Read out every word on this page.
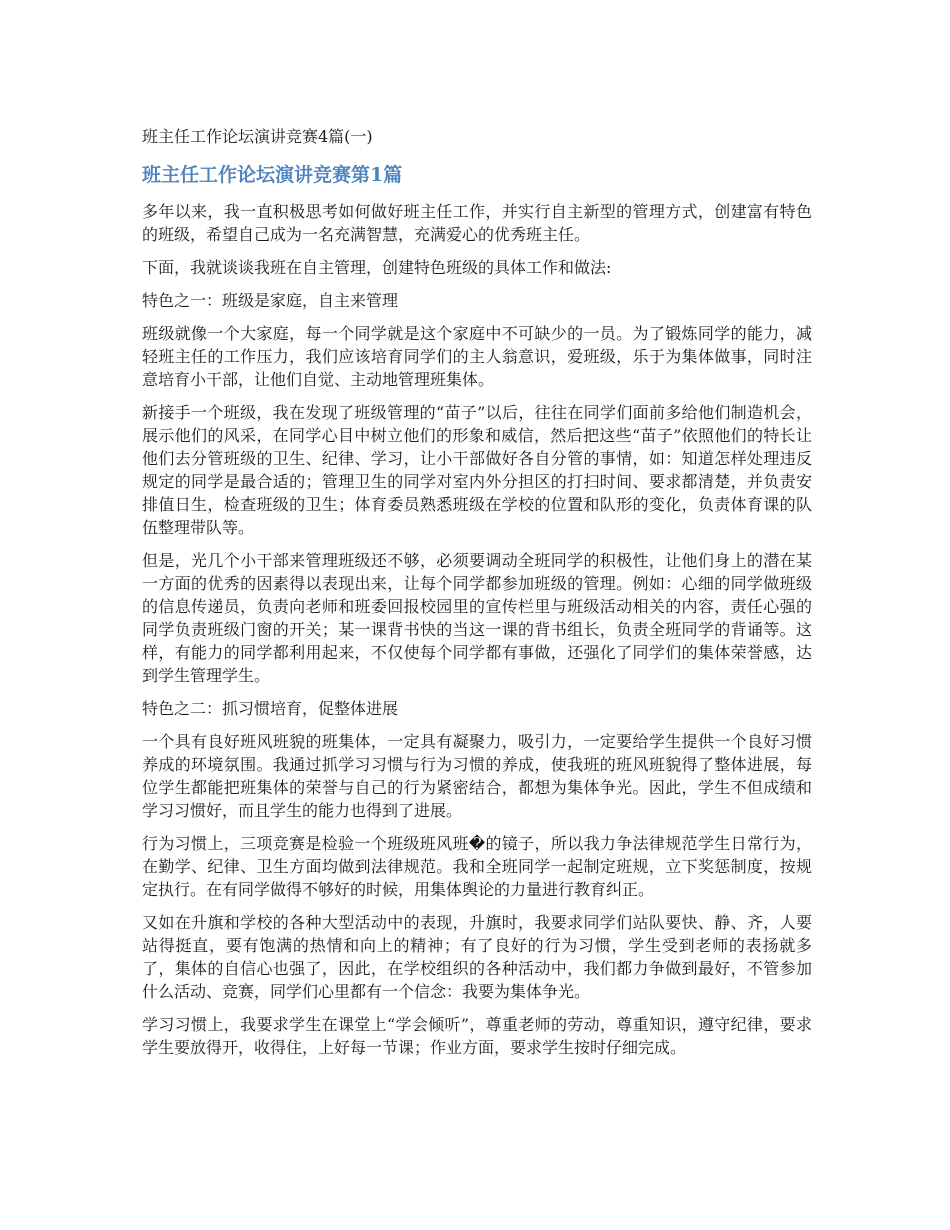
班主任工作论坛演讲竞赛4篇(一)
班主任工作论坛演讲竞赛第1篇

多年以来，我一直积极思考如何做好班主任工作，并实行自主新型的管理方式，创建富有特色的班级，希望自己成为一名充满智慧，充满爱心的优秀班主任。

下面，我就谈谈我班在自主管理，创建特色班级的具体工作和做法:

特色之一：班级是家庭，自主来管理

班级就像一个大家庭，每一个同学就是这个家庭中不可缺少的一员。为了锻炼同学的能力，减轻班主任的工作压力，我们应该培育同学们的主人翁意识，爱班级，乐于为集体做事，同时注意培育小干部，让他们自觉、主动地管理班集体。

新接手一个班级，我在发现了班级管理的“苗子”以后，往往在同学们面前多给他们制造机会，展示他们的风采，在同学心目中树立他们的形象和威信，然后把这些“苗子”依照他们的特长让他们去分管班级的卫生、纪律、学习，让小干部做好各自分管的事情，如：知道怎样处理违反规定的同学是最合适的；管理卫生的同学对室内外分担区的打扫时间、要求都清楚，并负责安排值日生，检查班级的卫生；体育委员熟悉班级在学校的位置和队形的变化，负责体育课的队伍整理带队等。

但是，光几个小干部来管理班级还不够，必须要调动全班同学的积极性，让他们身上的潜在某一方面的优秀的因素得以表现出来，让每个同学都参加班级的管理。例如：心细的同学做班级的信息传递员，负责向老师和班委回报校园里的宣传栏里与班级活动相关的内容，责任心强的同学负责班级门窗的开关；某一课背书快的当这一课的背书组长，负责全班同学的背诵等。这样，有能力的同学都利用起来，不仅使每个同学都有事做，还强化了同学们的集体荣誉感，达到学生管理学生。

特色之二：抓习惯培育，促整体进展

一个具有良好班风班貌的班集体，一定具有凝聚力，吸引力，一定要给学生提供一个良好习惯养成的环境氛围。我通过抓学习习惯与行为习惯的养成，使我班的班风班貌得了整体进展，每位学生都能把班集体的荣誉与自己的行为紧密结合，都想为集体争光。因此，学生不但成绩和学习习惯好，而且学生的能力也得到了进展。

行为习惯上，三项竞赛是检验一个班级班风班�的镜子，所以我力争法律规范学生日常行为，在勤学、纪律、卫生方面均做到法律规范。我和全班同学一起制定班规，立下奖惩制度，按规定执行。在有同学做得不够好的时候，用集体舆论的力量进行教育纠正。

又如在升旗和学校的各种大型活动中的表现，升旗时，我要求同学们站队要快、静、齐，人要站得挺直，要有饱满的热情和向上的精神；有了良好的行为习惯，学生受到老师的表扬就多了，集体的自信心也强了，因此，在学校组织的各种活动中，我们都力争做到最好，不管参加什么活动、竞赛，同学们心里都有一个信念：我要为集体争光。

学习习惯上，我要求学生在课堂上“学会倾听”，尊重老师的劳动，尊重知识，遵守纪律，要求学生要放得开，收得住，上好每一节课；作业方面，要求学生按时仔细完成。
